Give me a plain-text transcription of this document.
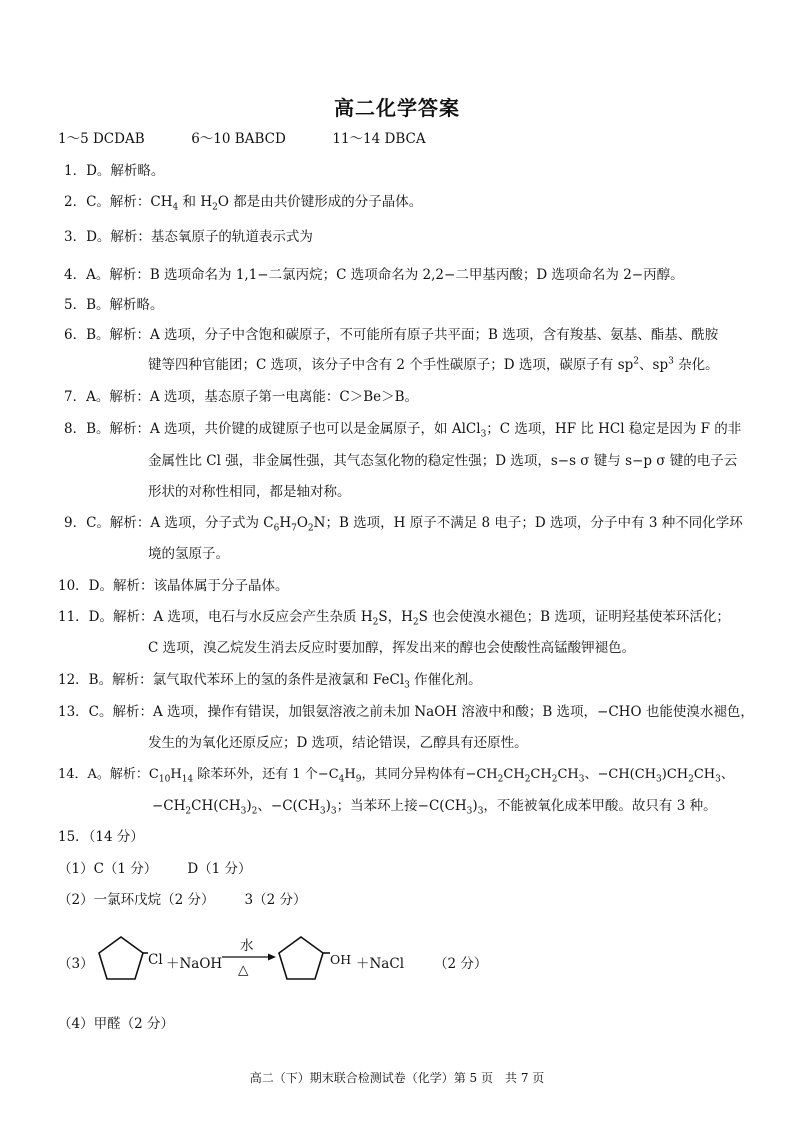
高二化学答案
1～5 DCDAB	6～10 BABCD	11～14 DBCA
1．D。解析略。
2．C。解析：$CH_4$ 和 $H_2O$ 都是由共价键形成的分子晶体。
3．D。解析：基态氧原子的轨道表示式为
4．A。解析：B 选项命名为 1,1−二氯丙烷；C 选项命名为 2,2−二甲基丙酸；D 选项命名为 2−丙醇。
5．B。解析略。
6．B。解析：A 选项，分子中含饱和碳原子，不可能所有原子共平面；B 选项，含有羧基、氨基、酯基、酰胺
键等四种官能团；C 选项，该分子中含有 2 个手性碳原子；D 选项，碳原子有 $sp^2$、$sp^3$ 杂化。
7．A。解析：A 选项，基态原子第一电离能：C＞Be＞B。
8．B。解析：A 选项，共价键的成键原子也可以是金属原子，如 AlCl$_3$；C 选项，HF 比 HCl 稳定是因为 F 的非
金属性比 Cl 强，非金属性强，其气态氢化物的稳定性强；D 选项，s−s σ 键与 s−p σ 键的电子云
形状的对称性相同，都是轴对称。
9．C。解析：A 选项，分子式为 $C_6H_7O_2N$；B 选项，H 原子不满足 8 电子；D 选项，分子中有 3 种不同化学环
境的氢原子。
10．D。解析：该晶体属于分子晶体。
11．D。解析：A 选项，电石与水反应会产生杂质 $H_2S$，$H_2S$ 也会使溴水褪色；B 选项，证明羟基使苯环活化；
C 选项，溴乙烷发生消去反应时要加醇，挥发出来的醇也会使酸性高锰酸钾褪色。
12．B。解析：氯气取代苯环上的氢的条件是液氯和 FeCl$_3$ 作催化剂。
13．C。解析：A 选项，操作有错误，加银氨溶液之前未加 NaOH 溶液中和酸；B 选项，−CHO 也能使溴水褪色，
发生的为氧化还原反应；D 选项，结论错误，乙醇具有还原性。
14．A。解析：$C_{10}H_{14}$ 除苯环外，还有 1 个$-C_4H_9$，其同分异构体有$-CH_2CH_2CH_2CH_3$、$-CH(CH_3)CH_2CH_3$、
$-CH_2CH(CH_3)_2$、$-C(CH_3)_3$；当苯环上接$-C(CH_3)_3$，不能被氧化成苯甲酸。故只有 3 种。
15．（14 分）
（1）C（1 分） D（1 分）
（2）一氯环戊烷（2 分） 3（2 分）
（3）	Cl ＋NaOH
水
△
OH ＋NaCl （2 分）
（4）甲醛（2 分）
高二（下）期末联合检测试卷（化学）第 5 页　共 7 页
